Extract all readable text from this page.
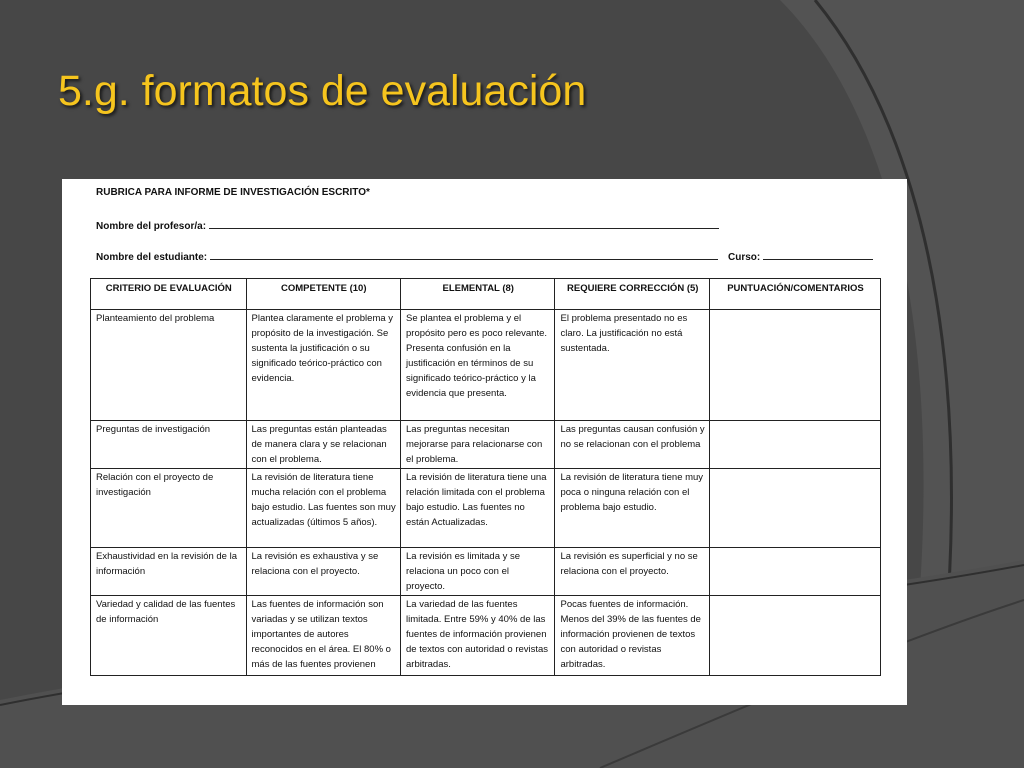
5.g. formatos de evaluación
RUBRICA PARA INFORME DE INVESTIGACIÓN ESCRITO*
Nombre del profesor/a:
Nombre del estudiante:	Curso:
CRITERIO DE EVALUACIÓN	COMPETENTE (10)	ELEMENTAL (8)	REQUIERE CORRECCIÓN (5)	PUNTUACIÓN/COMENTARIOS
Planteamiento del problema	Plantea claramente el problema y propósito de la investigación. Se sustenta la justificación o su significado teórico-práctico con evidencia.	Se plantea el problema y el propósito pero es poco relevante. Presenta confusión en la justificación en términos de su significado teórico-práctico y la evidencia que presenta.	El problema presentado no es claro. La justificación no está sustentada.	
Preguntas de investigación	Las preguntas están planteadas de manera clara y se relacionan con el problema.	Las preguntas necesitan mejorarse para relacionarse con el problema.	Las preguntas causan confusión y no se relacionan con el problema	
Relación con el proyecto de investigación	La revisión de literatura tiene mucha relación con el problema bajo estudio. Las fuentes son muy actualizadas (últimos 5 años).	La revisión de literatura tiene una relación limitada con el problema bajo estudio. Las fuentes no están Actualizadas.	La revisión de literatura tiene muy poca o ninguna relación con el problema bajo estudio.	
Exhaustividad en la revisión de la información	La revisión es exhaustiva y se relaciona con el proyecto.	La revisión es limitada y se relaciona un poco con el proyecto.	La revisión es superficial y no se relaciona con el proyecto.	
Variedad y calidad de las fuentes de información	Las fuentes de información son variadas y se utilizan textos importantes de autores reconocidos en el área. El 80% o más de las fuentes provienen	La variedad de las fuentes limitada. Entre 59% y 40% de las fuentes de información provienen de textos con autoridad o revistas arbitradas.	Pocas fuentes de información. Menos del 39% de las fuentes de información provienen de textos con autoridad o revistas arbitradas.	
